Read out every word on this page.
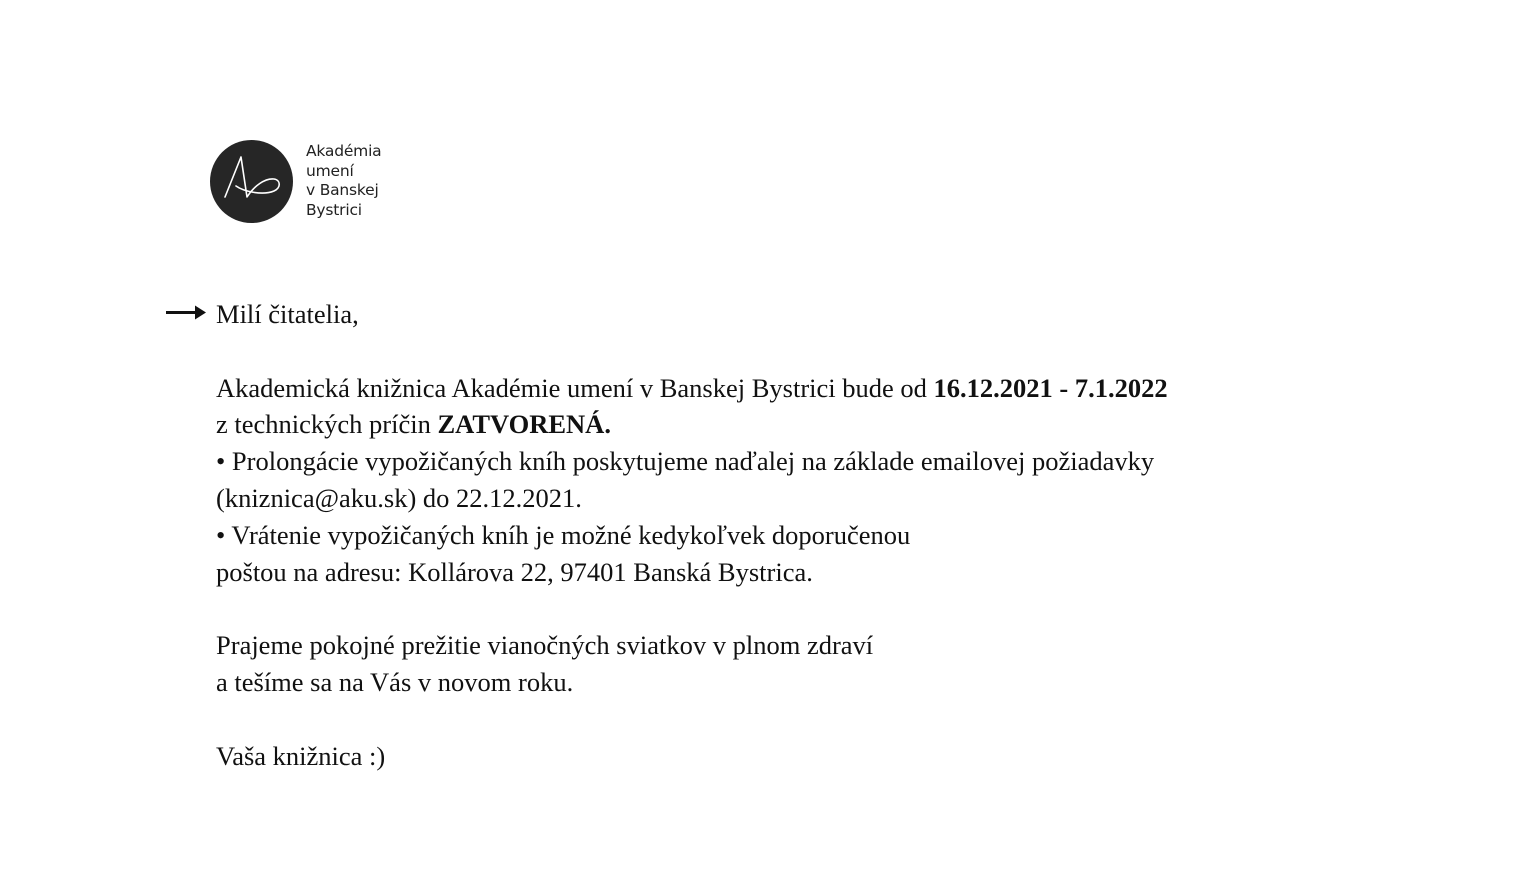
Akadémia
umení
v Banskej
Bystrici
Milí čitatelia,
Akademická knižnica Akadémie umení v Banskej Bystrici bude od 16.12.2021 - 7.1.2022
z technických príčin ZATVORENÁ.
• Prolongácie vypožičaných kníh poskytujeme naďalej na základe emailovej požiadavky
(kniznica@aku.sk) do 22.12.2021.
• Vrátenie vypožičaných kníh je možné kedykoľvek doporučenou
poštou na adresu: Kollárova 22, 97401 Banská Bystrica.
Prajeme pokojné prežitie vianočných sviatkov v plnom zdraví
a tešíme sa na Vás v novom roku.
Vaša knižnica :)
